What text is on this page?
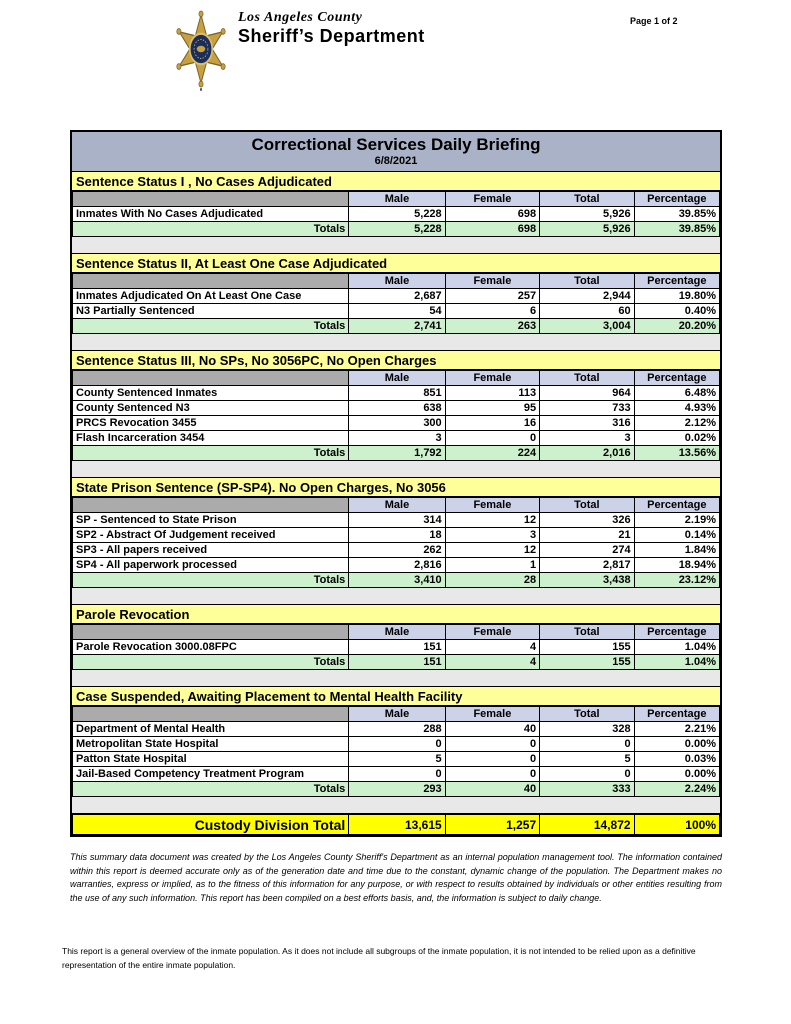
Los Angeles County
Sheriff’s Department
Page 1 of 2
Correctional Services Daily Briefing
6/8/2021
Sentence Status I , No Cases Adjudicated
	Male	Female	Total	Percentage
Inmates With No Cases Adjudicated	5,228	698	5,926	39.85%
Totals	5,228	698	5,926	39.85%
Sentence Status II, At Least One Case Adjudicated
	Male	Female	Total	Percentage
Inmates Adjudicated On At Least One Case	2,687	257	2,944	19.80%
N3 Partially Sentenced	54	6	60	0.40%
Totals	2,741	263	3,004	20.20%
Sentence Status III, No SPs, No 3056PC, No Open Charges
	Male	Female	Total	Percentage
County Sentenced Inmates	851	113	964	6.48%
County Sentenced N3	638	95	733	4.93%
PRCS Revocation 3455	300	16	316	2.12%
Flash Incarceration 3454	3	0	3	0.02%
Totals	1,792	224	2,016	13.56%
State Prison Sentence (SP-SP4). No Open Charges, No 3056
	Male	Female	Total	Percentage
SP - Sentenced to State Prison	314	12	326	2.19%
SP2 - Abstract Of Judgement received	18	3	21	0.14%
SP3 - All papers received	262	12	274	1.84%
SP4 - All paperwork processed	2,816	1	2,817	18.94%
Totals	3,410	28	3,438	23.12%
Parole Revocation
	Male	Female	Total	Percentage
Parole Revocation 3000.08FPC	151	4	155	1.04%
Totals	151	4	155	1.04%
Case Suspended, Awaiting Placement to Mental Health Facility
	Male	Female	Total	Percentage
Department of Mental Health	288	40	328	2.21%
Metropolitan State Hospital	0	0	0	0.00%
Patton State Hospital	5	0	5	0.03%
Jail-Based Competency Treatment Program	0	0	0	0.00%
Totals	293	40	333	2.24%
Custody Division Total	13,615	1,257	14,872	100%

This summary data document was created by the Los Angeles County Sheriff's Department as an internal population management tool. The information contained within this report is deemed accurate only as of the generation date and time due to the constant, dynamic change of the population. The Department makes no warranties, express or implied, as to the fitness of this information for any purpose, or with respect to results obtained by individuals or other entities resulting from the use of any such information. This report has been compiled on a best efforts basis, and, the information is subject to daily change.

This report is a general overview of the inmate population. As it does not include all subgroups of the inmate population, it is not intended to be relied upon as a definitive representation of the entire inmate population.
